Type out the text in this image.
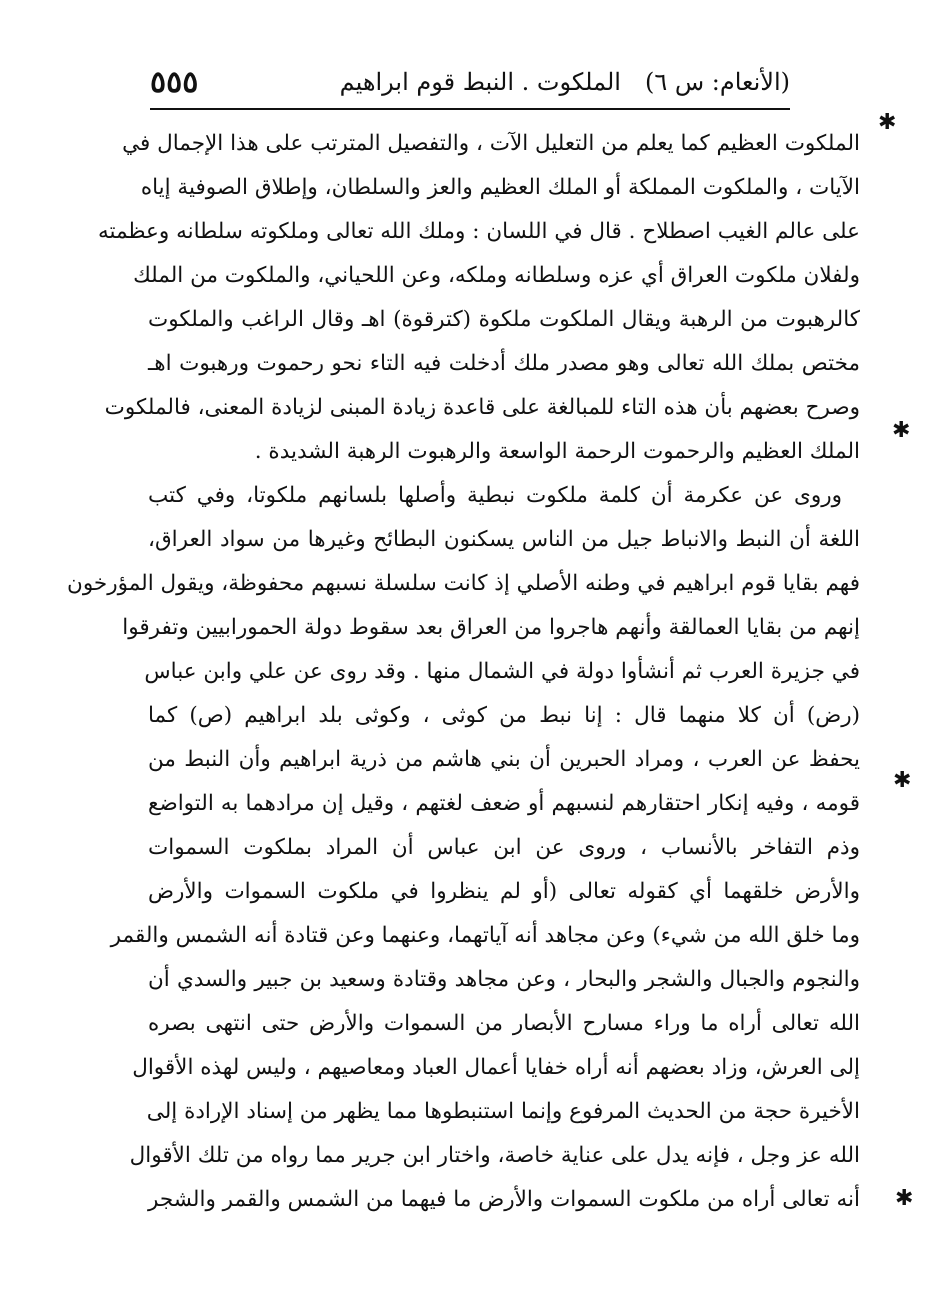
٥٥٥	(الأنعام: س ٦)
الملكوت . النبط قوم ابراهيم
الملكوت العظيم كما يعلم من التعليل الآت ، والتفصيل المترتب على هذا الإجمال في
الآيات ، والملكوت المملكة أو الملك العظيم والعز والسلطان، وإطلاق الصوفية إياه
على عالم الغيب اصطلاح . قال في اللسان : وملك الله تعالى وملكوته سلطانه وعظمته
ولفلان ملكوت العراق أي عزه وسلطانه وملكه، وعن اللحياني، والملكوت من الملك
كالرهبوت من الرهبة ويقال الملكوت ملكوة (كترقوة) اهـ وقال الراغب والملكوت
مختص بملك الله تعالى وهو مصدر ملك أدخلت فيه التاء نحو رحموت ورهبوت اهـ
وصرح بعضهم بأن هذه التاء للمبالغة على قاعدة زيادة المبنى لزيادة المعنى، فالملكوت
الملك العظيم والرحموت الرحمة الواسعة والرهبوت الرهبة الشديدة .
وروى عن عكرمة أن كلمة ملكوت نبطية وأصلها بلسانهم ملكوتا، وفي كتب
اللغة أن النبط والانباط جيل من الناس يسكنون البطائح وغيرها من سواد العراق،
فهم بقايا قوم ابراهيم في وطنه الأصلي إذ كانت سلسلة نسبهم محفوظة، ويقول المؤرخون
إنهم من بقايا العمالقة وأنهم هاجروا من العراق بعد سقوط دولة الحمورابيين وتفرقوا
في جزيرة العرب ثم أنشأوا دولة في الشمال منها . وقد روى عن علي وابن عباس
(رض) أن كلا منهما قال : إنا نبط من كوثى ، وكوثى بلد ابراهيم (ص) كما
يحفظ عن العرب ، ومراد الحبرين أن بني هاشم من ذرية ابراهيم وأن النبط من
قومه ، وفيه إنكار احتقارهم لنسبهم أو ضعف لغتهم ، وقيل إن مرادهما به التواضع
وذم التفاخر بالأنساب ، وروى عن ابن عباس أن المراد بملكوت السموات
والأرض خلقهما أي كقوله تعالى (أو لم ينظروا في ملكوت السموات والأرض
وما خلق الله من شيء) وعن مجاهد أنه آياتهما، وعنهما وعن قتادة أنه الشمس والقمر
والنجوم والجبال والشجر والبحار ، وعن مجاهد وقتادة وسعيد بن جبير والسدي أن
الله تعالى أراه ما وراء مسارح الأبصار من السموات والأرض حتى انتهى بصره
إلى العرش، وزاد بعضهم أنه أراه خفايا أعمال العباد ومعاصيهم ، وليس لهذه الأقوال
الأخيرة حجة من الحديث المرفوع وإنما استنبطوها مما يظهر من إسناد الإرادة إلى
الله عز وجل ، فإنه يدل على عناية خاصة، واختار ابن جرير مما رواه من تلك الأقوال
أنه تعالى أراه من ملكوت السموات والأرض ما فيهما من الشمس والقمر والشجر
✱
✱
✱
✱
